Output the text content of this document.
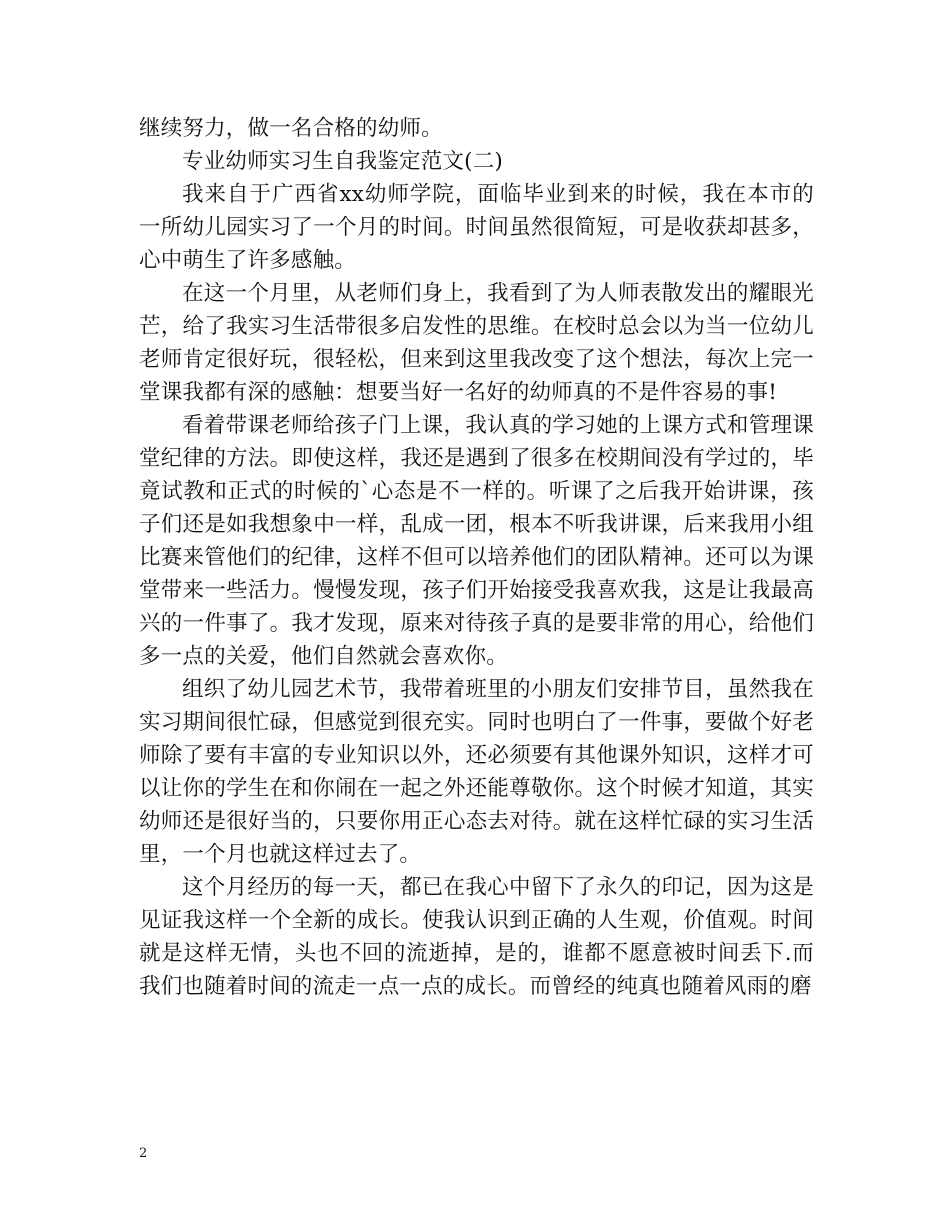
继续努力，做一名合格的幼师。

专业幼师实习生自我鉴定范文(二)

我来自于广西省xx幼师学院，面临毕业到来的时候，我在本市的一所幼儿园实习了一个月的时间。时间虽然很简短，可是收获却甚多，心中萌生了许多感触。

在这一个月里，从老师们身上，我看到了为人师表散发出的耀眼光芒，给了我实习生活带很多启发性的思维。在校时总会以为当一位幼儿老师肯定很好玩，很轻松，但来到这里我改变了这个想法，每次上完一堂课我都有深的感触：想要当好一名好的幼师真的不是件容易的事!

看着带课老师给孩子门上课，我认真的学习她的上课方式和管理课堂纪律的方法。即使这样，我还是遇到了很多在校期间没有学过的，毕竟试教和正式的时候的`心态是不一样的。听课了之后我开始讲课，孩子们还是如我想象中一样，乱成一团，根本不听我讲课，后来我用小组比赛来管他们的纪律，这样不但可以培养他们的团队精神。还可以为课堂带来一些活力。慢慢发现，孩子们开始接受我喜欢我，这是让我最高兴的一件事了。我才发现，原来对待孩子真的是要非常的用心，给他们多一点的关爱，他们自然就会喜欢你。

组织了幼儿园艺术节，我带着班里的小朋友们安排节目，虽然我在实习期间很忙碌，但感觉到很充实。同时也明白了一件事，要做个好老师除了要有丰富的专业知识以外，还必须要有其他课外知识，这样才可以让你的学生在和你闹在一起之外还能尊敬你。这个时候才知道，其实幼师还是很好当的，只要你用正心态去对待。就在这样忙碌的实习生活里，一个月也就这样过去了。

这个月经历的每一天，都已在我心中留下了永久的印记，因为这是见证我这样一个全新的成长。使我认识到正确的人生观，价值观。时间就是这样无情，头也不回的流逝掉，是的，谁都不愿意被时间丢下.而我们也随着时间的流走一点一点的成长。而曾经的纯真也随着风雨的磨

2
